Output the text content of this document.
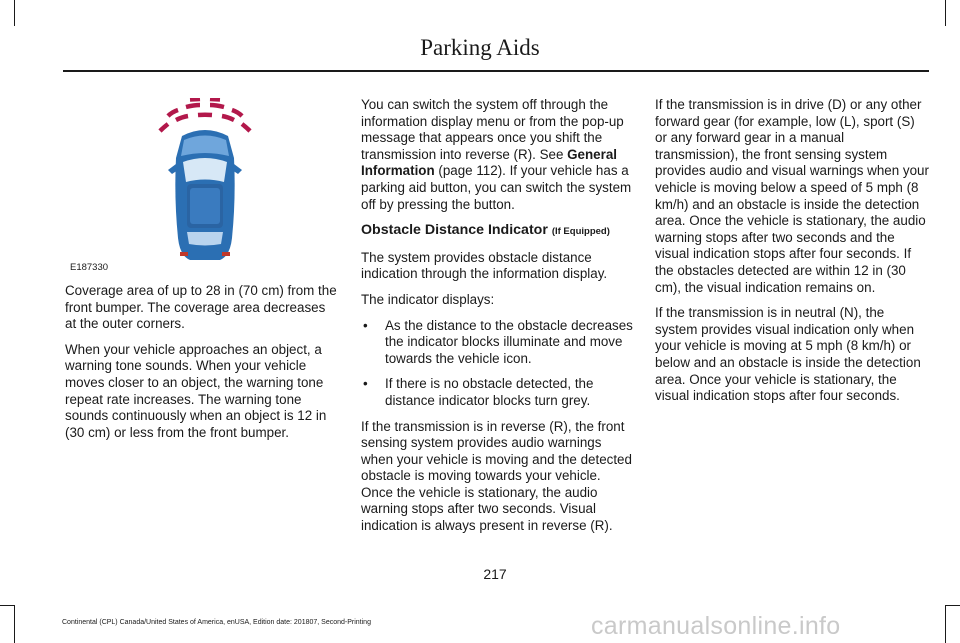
Parking Aids
E187330

Coverage area of up to 28 in (70 cm) from the front bumper. The coverage area decreases at the outer corners.

When your vehicle approaches an object, a warning tone sounds. When your vehicle moves closer to an object, the warning tone repeat rate increases. The warning tone sounds continuously when an object is 12 in (30 cm) or less from the front bumper.

You can switch the system off through the information display menu or from the pop-up message that appears once you shift the transmission into reverse (R). See General Information (page 112). If your vehicle has a parking aid button, you can switch the system off by pressing the button.

Obstacle Distance Indicator (If Equipped)

The system provides obstacle distance indication through the information display.

The indicator displays:

• As the distance to the obstacle decreases the indicator blocks illuminate and move towards the vehicle icon.
• If there is no obstacle detected, the distance indicator blocks turn grey.

If the transmission is in reverse (R), the front sensing system provides audio warnings when your vehicle is moving and the detected obstacle is moving towards your vehicle. Once the vehicle is stationary, the audio warning stops after two seconds. Visual indication is always present in reverse (R).

If the transmission is in drive (D) or any other forward gear (for example, low (L), sport (S) or any forward gear in a manual transmission), the front sensing system provides audio and visual warnings when your vehicle is moving below a speed of 5 mph (8 km/h) and an obstacle is inside the detection area. Once the vehicle is stationary, the audio warning stops after two seconds and the visual indication stops after four seconds. If the obstacles detected are within 12 in (30 cm), the visual indication remains on.

If the transmission is in neutral (N), the system provides visual indication only when your vehicle is moving at 5 mph (8 km/h) or below and an obstacle is inside the detection area. Once your vehicle is stationary, the visual indication stops after four seconds.

217
Continental (CPL) Canada/United States of America, enUSA, Edition date: 201807, Second-Printing	carmanualsonline.info
